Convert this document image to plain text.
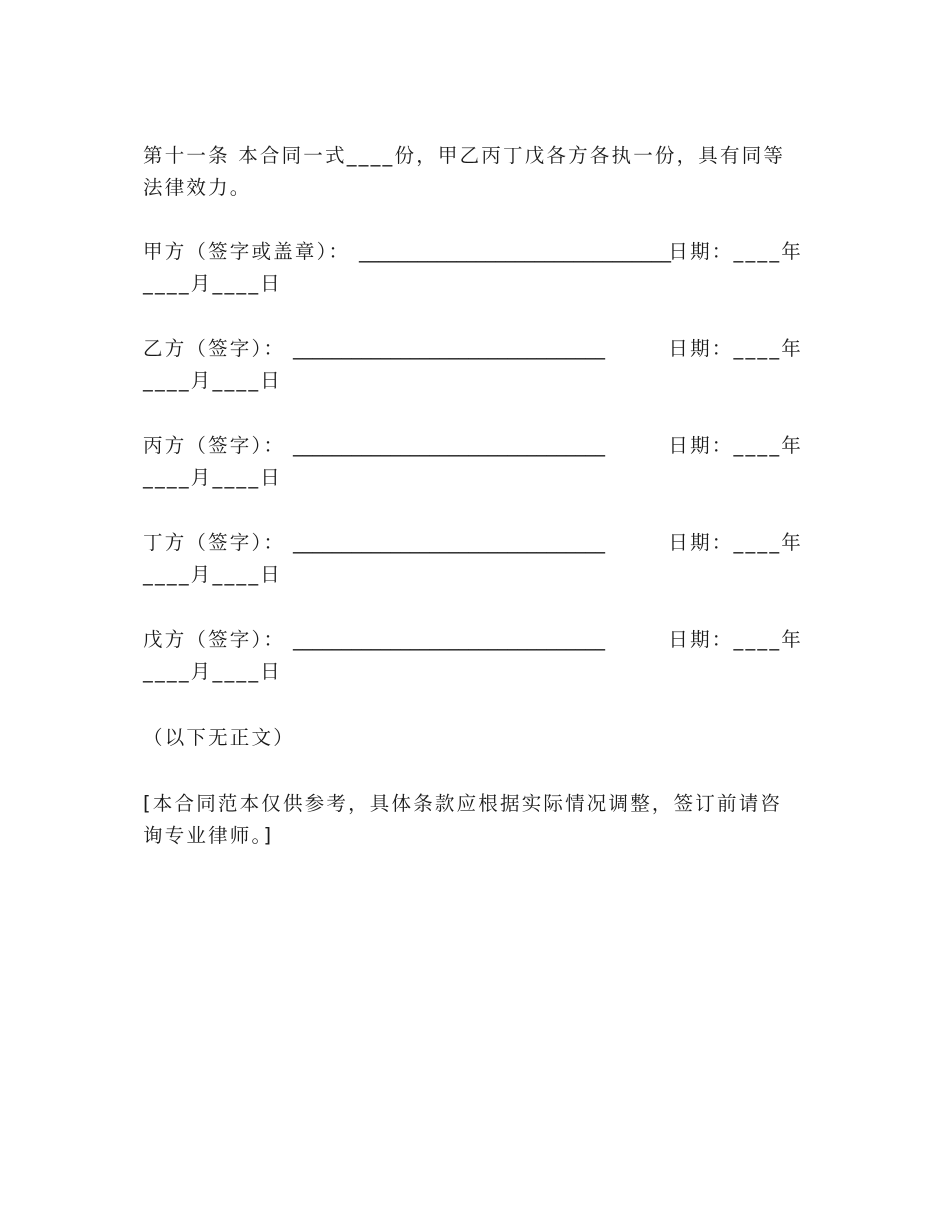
第十一条 本合同一式____份，甲乙丙丁戊各方各执一份，具有同等法律效力。
甲方（签字或盖章）： ________________________________
日期：____年
____月____日
乙方（签字）： ________________________________	日期：____年
____月____日
丙方（签字）： ________________________________	日期：____年
____月____日
丁方（签字）： ________________________________	日期：____年
____月____日
戊方（签字）： ________________________________	日期：____年
____月____日
（以下无正文）
[本合同范本仅供参考，具体条款应根据实际情况调整，签订前请咨询专业律师。]
